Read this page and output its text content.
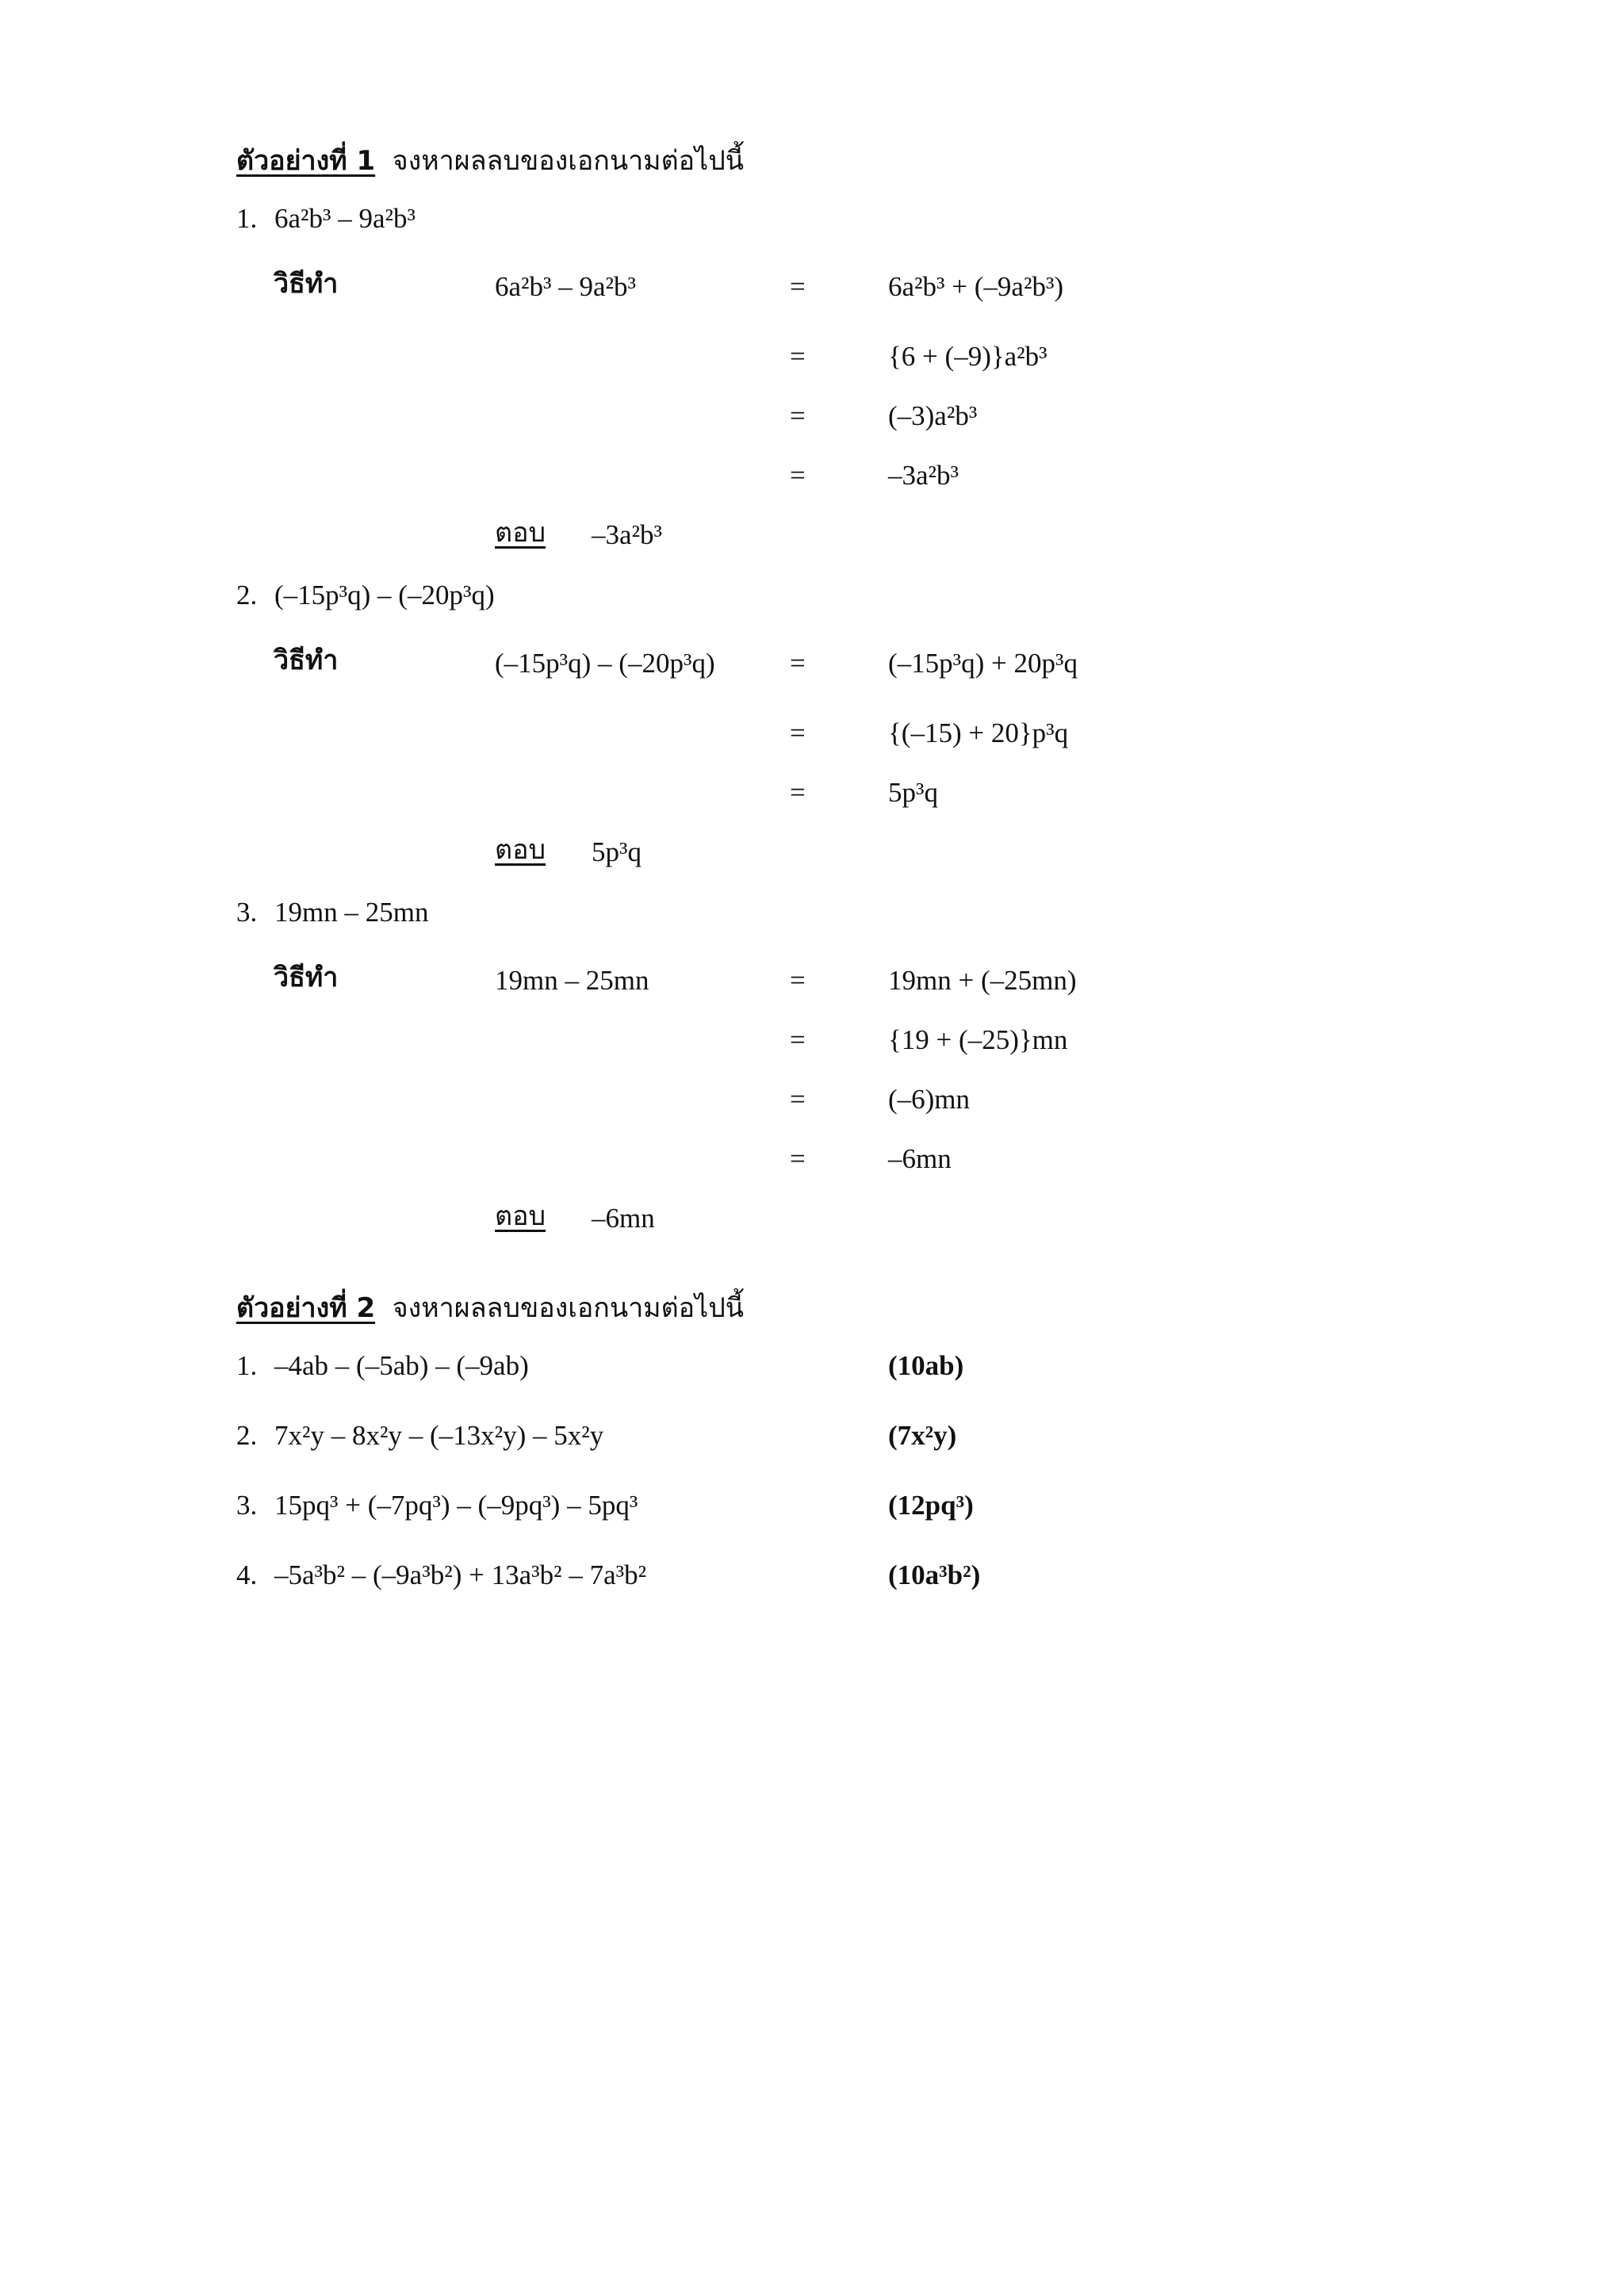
ตัวอย่างที่ 1 จงหาผลลบของเอกนามต่อไปนี้
1. 6a²b³ – 9a²b³
วิธีทำ	6a²b³ – 9a²b³	=	6a²b³ + (–9a²b³)
=	{6 + (–9)}a²b³
=	(–3)a²b³
=	–3a²b³
ตอบ –3a²b³
2. (–15p³q) – (–20p³q)
วิธีทำ	(–15p³q) – (–20p³q)	=	(–15p³q) + 20p³q
=	{(–15) + 20}p³q
=	5p³q
ตอบ 5p³q
3. 19mn – 25mn
วิธีทำ	19mn – 25mn	=	19mn + (–25mn)
=	{19 + (–25)}mn
=	(–6)mn
=	–6mn
ตอบ –6mn
ตัวอย่างที่ 2 จงหาผลลบของเอกนามต่อไปนี้
1. –4ab – (–5ab) – (–9ab)	(10ab)
2. 7x²y – 8x²y – (–13x²y) – 5x²y	(7x²y)
3. 15pq³ + (–7pq³) – (–9pq³) – 5pq³	(12pq³)
4. –5a³b² – (–9a³b²) + 13a³b² – 7a³b²	(10a³b²)
